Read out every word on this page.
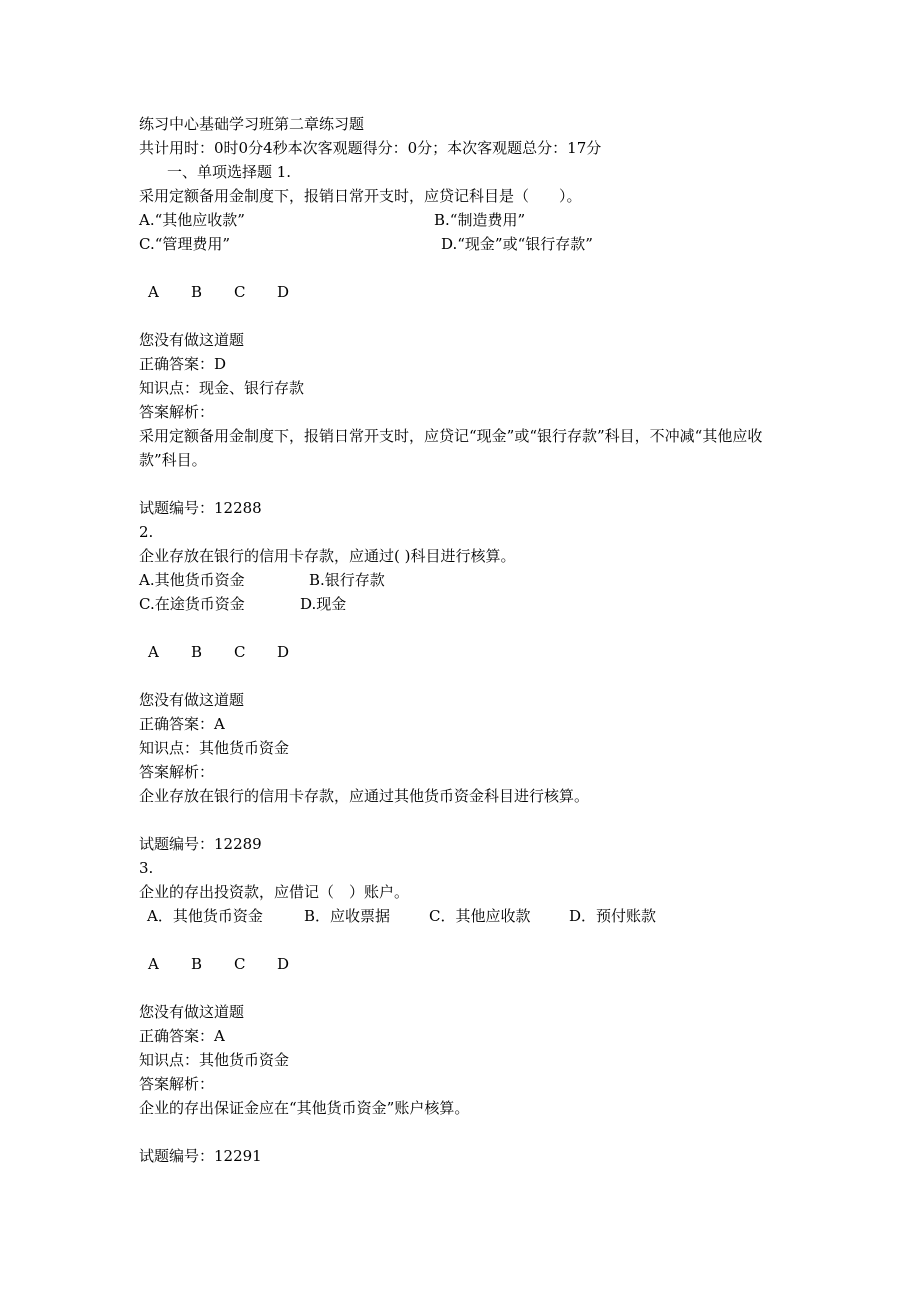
练习中心基础学习班第二章练习题
共计用时：0时0分4秒本次客观题得分：0分；本次客观题总分：17分
一、单项选择题 1.
采用定额备用金制度下，报销日常开支时，应贷记科目是（　　）。

A.“其他应收款”

	B.“制造费用”

C.“管理费用”

	D.“现金”或“银行存款”

A B C D
您没有做这道题
正确答案：D
知识点：现金、银行存款
答案解析：
采用定额备用金制度下，报销日常开支时，应贷记“现金”或“银行存款”科目，不冲减“其他应收款”科目。
试题编号：12288
2.
企业存放在银行的信用卡存款，应通过( )科目进行核算。

A.其他货币资金

	B.银行存款

C.在途货币资金

	D.现金

A B C D
您没有做这道题
正确答案：A
知识点：其他货币资金
答案解析：
企业存放在银行的信用卡存款，应通过其他货币资金科目进行核算。
试题编号：12289
3.
企业的存出投资款，应借记（　）账户。

A．其他货币资金

	B．应收票据

	C．其他应收款

	D．预付账款

A B C D
您没有做这道题
正确答案：A
知识点：其他货币资金
答案解析：
企业的存出保证金应在“其他货币资金”账户核算。
试题编号：12291
